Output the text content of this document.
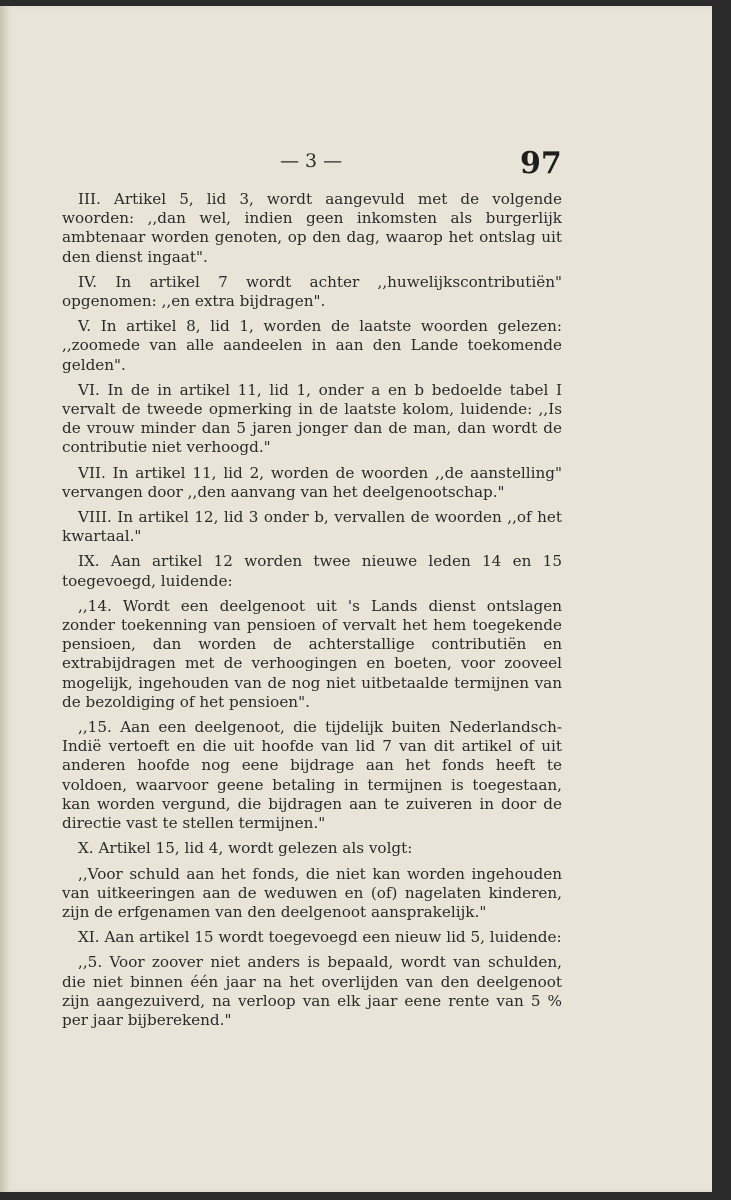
— 3 —	97

III. Artikel 5, lid 3, wordt aangevuld met de volgende woorden: ,,dan wel, indien geen inkomsten als burgerlijk ambtenaar worden genoten, op den dag, waarop het ontslag uit den dienst ingaat".

IV. In artikel 7 wordt achter ,,huwelijkscontributiën" opgenomen: ,,en extra bijdragen".

V. In artikel 8, lid 1, worden de laatste woorden gelezen: ,,zoomede van alle aandeelen in aan den Lande toekomende gelden".

VI. In de in artikel 11, lid 1, onder a en b bedoelde tabel I vervalt de tweede opmerking in de laatste kolom, luidende: ,,Is de vrouw minder dan 5 jaren jonger dan de man, dan wordt de contributie niet verhoogd."

VII. In artikel 11, lid 2, worden de woorden ,,de aanstelling" vervangen door ,,den aanvang van het deelgenootschap."

VIII. In artikel 12, lid 3 onder b, vervallen de woorden ,,of het kwartaal."

IX. Aan artikel 12 worden twee nieuwe leden 14 en 15 toegevoegd, luidende:

,,14. Wordt een deelgenoot uit 's Lands dienst ontslagen zonder toekenning van pensioen of vervalt het hem toegekende pensioen, dan worden de achterstallige contributiën en extrabijdragen met de verhoogingen en boeten, voor zooveel mogelijk, ingehouden van de nog niet uitbetaalde termijnen van de bezoldiging of het pensioen".

,,15. Aan een deelgenoot, die tijdelijk buiten Nederlandsch-Indië vertoeft en die uit hoofde van lid 7 van dit artikel of uit anderen hoofde nog eene bijdrage aan het fonds heeft te voldoen, waarvoor geene betaling in termijnen is toegestaan, kan worden vergund, die bijdragen aan te zuiveren in door de directie vast te stellen termijnen."

X. Artikel 15, lid 4, wordt gelezen als volgt:

,,Voor schuld aan het fonds, die niet kan worden ingehouden van uitkeeringen aan de weduwen en (of) nagelaten kinderen, zijn de erfgenamen van den deelgenoot aansprakelijk."

XI. Aan artikel 15 wordt toegevoegd een nieuw lid 5, luidende:

,,5. Voor zoover niet anders is bepaald, wordt van schulden, die niet binnen één jaar na het overlijden van den deelgenoot zijn aangezuiverd, na verloop van elk jaar eene rente van 5 % per jaar bijberekend."
